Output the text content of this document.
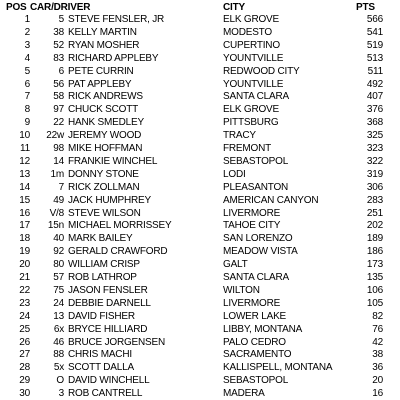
POS CAR/DRIVER	CITY	PTS
1	5 STEVE FENSLER, JR	ELK GROVE	566
2	38 KELLY MARTIN	MODESTO	541
3	52 RYAN MOSHER	CUPERTINO	519
4	83 RICHARD APPLEBY	YOUNTVILLE	513
5	6 PETE CURRIN	REDWOOD CITY	511
6	56 PAT APPLEBY	YOUNTVILLE	492
7	58 RICK ANDREWS	SANTA CLARA	407
8	97 CHUCK SCOTT	ELK GROVE	376
9	22 HANK SMEDLEY	PITTSBURG	368
10	22w JEREMY WOOD	TRACY	325
11	98 MIKE HOFFMAN	FREMONT	323
12	14 FRANKIE WINCHEL	SEBASTOPOL	322
13	1m DONNY STONE	LODI	319
14	7 RICK ZOLLMAN	PLEASANTON	306
15	49 JACK HUMPHREY	AMERICAN CANYON	283
16	V/8 STEVE WILSON	LIVERMORE	251
17	15n MICHAEL MORRISSEY	TAHOE CITY	202
18	40 MARK BAILEY	SAN LORENZO	189
19	92 GERALD CRAWFORD	MEADOW VISTA	186
20	80 WILLIAM CRISP	GALT	173
21	57 ROB LATHROP	SANTA CLARA	135
22	75 JASON FENSLER	WILTON	106
23	24 DEBBIE DARNELL	LIVERMORE	105
24	13 DAVID FISHER	LOWER LAKE	82
25	6x BRYCE HILLIARD	LIBBY, MONTANA	76
26	46 BRUCE JORGENSEN	PALO CEDRO	42
27	88 CHRIS MACHI	SACRAMENTO	38
28	5x SCOTT DALLA	KALLISPELL, MONTANA	36
29	O DAVID WINCHELL	SEBASTOPOL	20
30	3 ROB CANTRELL	MADERA	16
